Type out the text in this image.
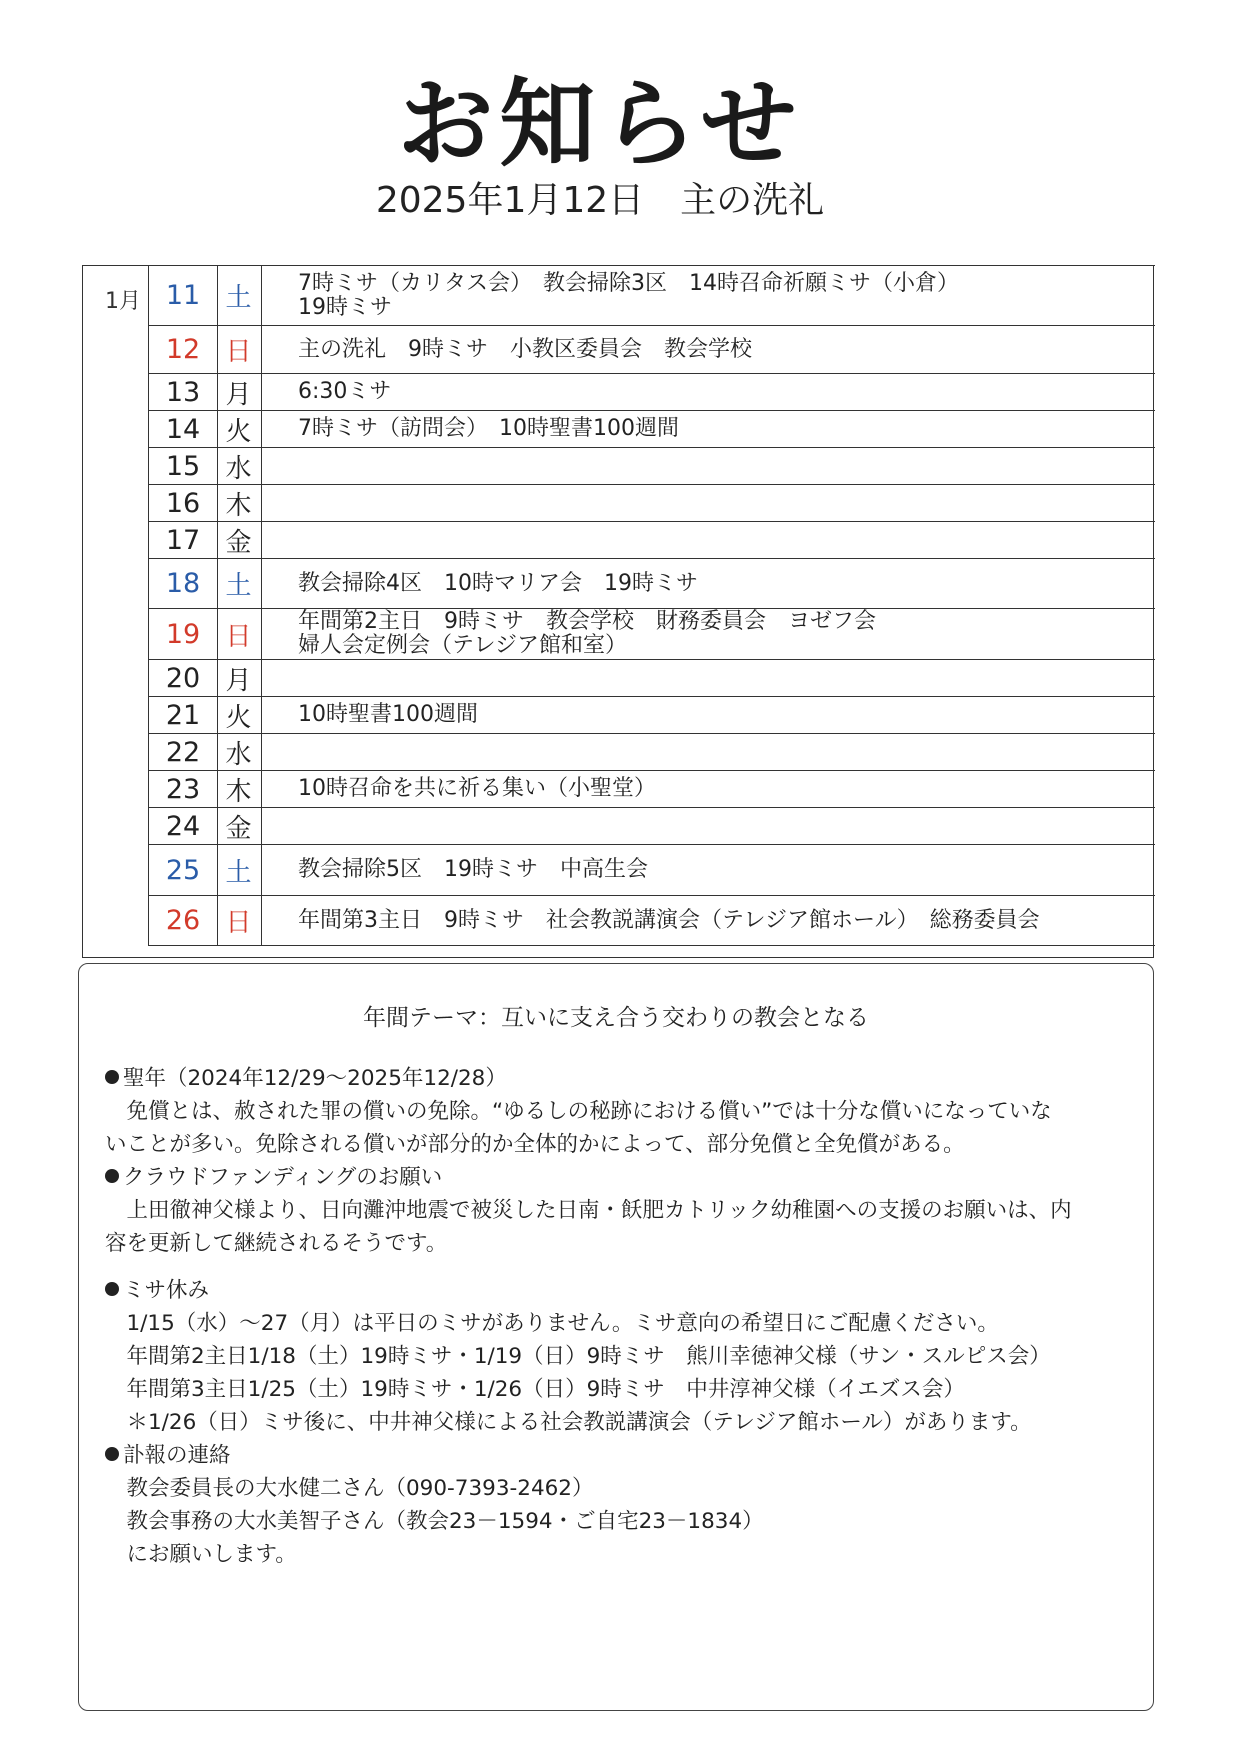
お知らせ
2025年1月12日　主の洗礼
1月 11 土	7時ミサ（カリタス会）　教会掃除3区　14時召命祈願ミサ（小倉）
19時ミサ
12 日	主の洗礼　9時ミサ　小教区委員会　教会学校
13 月	6:30ミサ
14 火	7時ミサ（訪問会）　10時聖書100週間
15 水
16 木
17 金
18 土	教会掃除4区　10時マリア会　19時ミサ
19 日	年間第2主日　9時ミサ　教会学校　財務委員会　ヨゼフ会
婦人会定例会（テレジア館和室）
20 月
21 火	10時聖書100週間
22 水
23 木	10時召命を共に祈る集い（小聖堂）
24 金
25 土	教会掃除5区　19時ミサ　中高生会
26 日	年間第3主日　9時ミサ　社会教説講演会（テレジア館ホール）　総務委員会
年間テーマ：互いに支え合う交わりの教会となる
聖年（2024年12/29～2025年12/28）
　免償とは、赦された罪の償いの免除。“ゆるしの秘跡における償い”では十分な償いになっていな
いことが多い。免除される償いが部分的か全体的かによって、部分免償と全免償がある。
クラウドファンディングのお願い
　上田徹神父様より、日向灘沖地震で被災した日南・飫肥カトリック幼稚園への支援のお願いは、内
容を更新して継続されるそうです。
ミサ休み
　1/15（水）～27（月）は平日のミサがありません。ミサ意向の希望日にご配慮ください。
　年間第2主日1/18（土）19時ミサ・1/19（日）9時ミサ　熊川幸徳神父様（サン・スルピス会）
　年間第3主日1/25（土）19時ミサ・1/26（日）9時ミサ　中井淳神父様（イエズス会）
　＊1/26（日）ミサ後に、中井神父様による社会教説講演会（テレジア館ホール）があります。
訃報の連絡
　教会委員長の大水健二さん（090-7393-2462）
　教会事務の大水美智子さん（教会23－1594・ご自宅23－1834）
　にお願いします。
